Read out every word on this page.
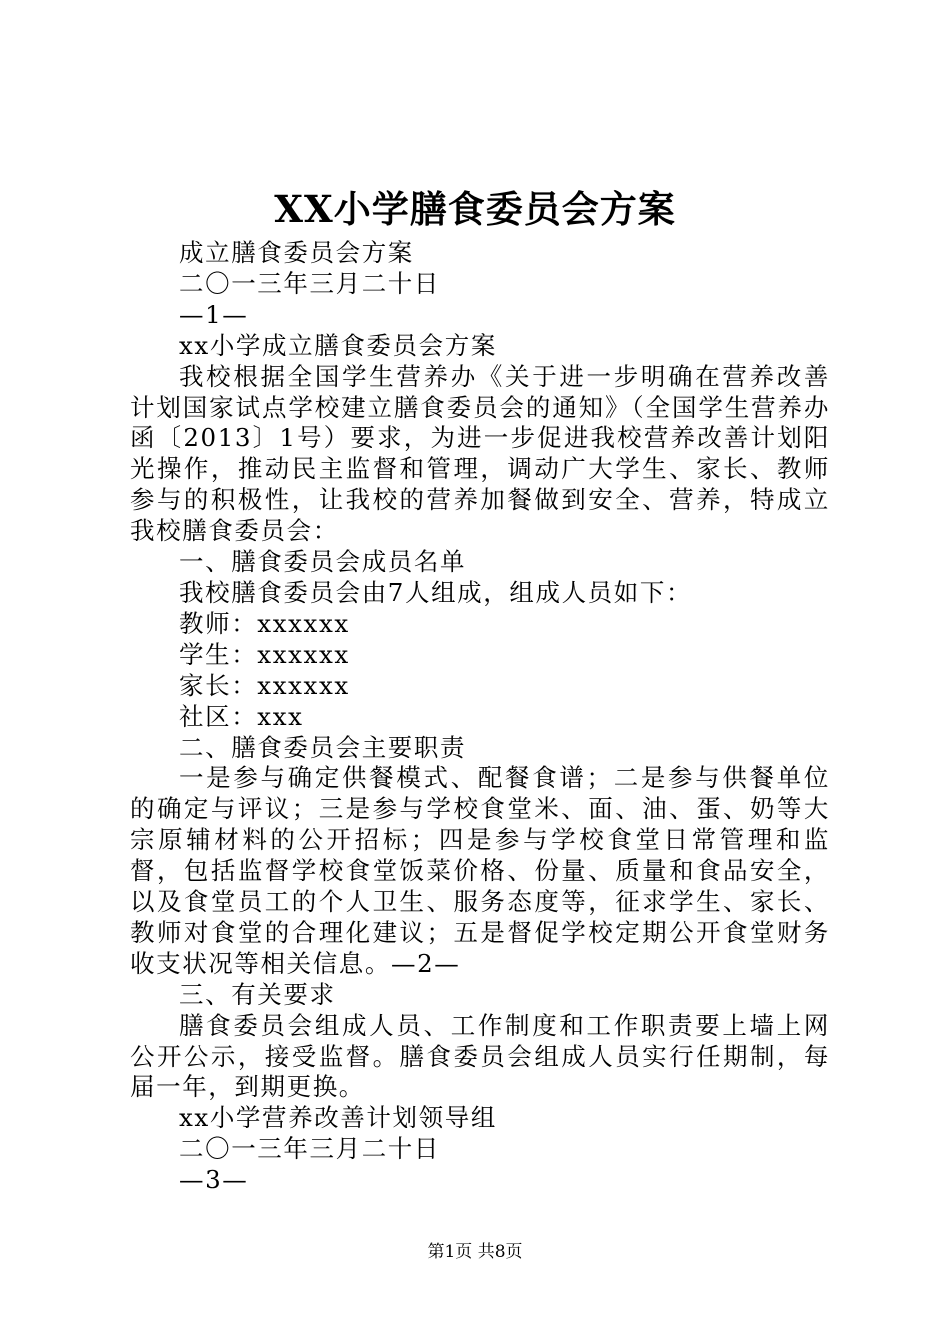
XX小学膳食委员会方案

成立膳食委员会方案

二〇一三年三月二十日

—1—

xx小学成立膳食委员会方案

我校根据全国学生营养办《关于进一步明确在营养改善计划国家试点学校建立膳食委员会的通知》（全国学生营养办函〔2013〕1号）要求，为进一步促进我校营养改善计划阳光操作，推动民主监督和管理，调动广大学生、家长、教师参与的积极性，让我校的营养加餐做到安全、营养，特成立我校膳食委员会：

一、膳食委员会成员名单

我校膳食委员会由7人组成，组成人员如下：

教师：xxxxxx

学生：xxxxxx

家长：xxxxxx

社区：xxx

二、膳食委员会主要职责

一是参与确定供餐模式、配餐食谱；二是参与供餐单位的确定与评议；三是参与学校食堂米、面、油、蛋、奶等大宗原辅材料的公开招标；四是参与学校食堂日常管理和监督，包括监督学校食堂饭菜价格、份量、质量和食品安全，以及食堂员工的个人卫生、服务态度等，征求学生、家长、教师对食堂的合理化建议；五是督促学校定期公开食堂财务收支状况等相关信息。—2—

三、有关要求

膳食委员会组成人员、工作制度和工作职责要上墙上网公开公示，接受监督。膳食委员会组成人员实行任期制，每届一年，到期更换。

xx小学营养改善计划领导组

二〇一三年三月二十日

—3—

第1页 共8页
